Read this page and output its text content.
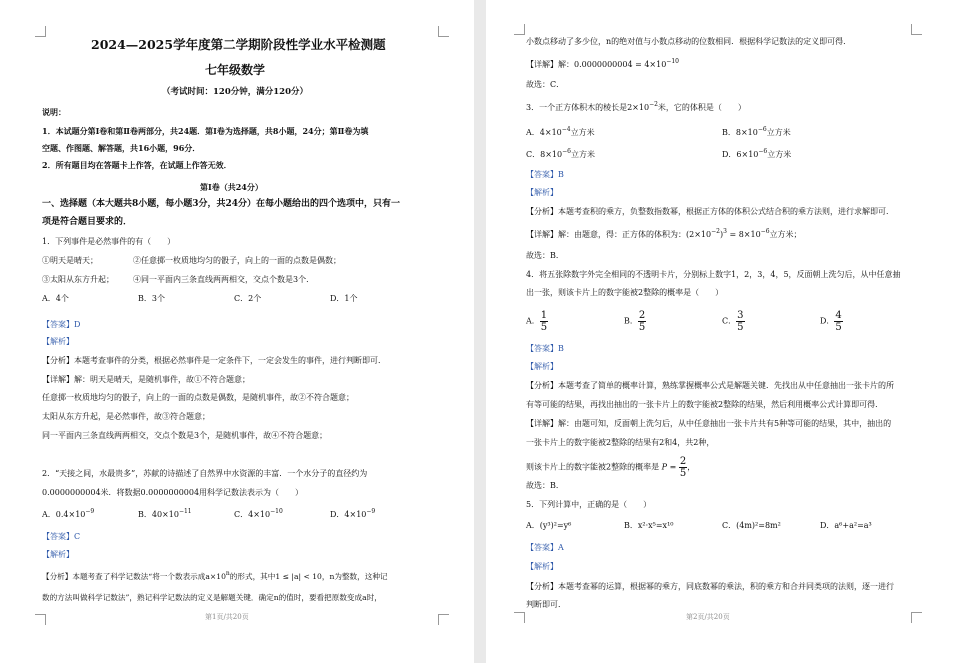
2024—2025学年度第二学期阶段性学业水平检测题
七年级数学
（考试时间：120分钟，满分120分）
说明：
1．本试题分第Ⅰ卷和第Ⅱ卷两部分，共24题．第Ⅰ卷为选择题，共8小题，24分；第Ⅱ卷为填
空题、作图题、解答题，共16小题，96分．
2．所有题目均在答题卡上作答，在试题上作答无效．
第Ⅰ卷（共24分）
一、选择题（本大题共8小题，每小题3分，共24分）在每小题给出的四个选项中，只有一
项是符合题目要求的．
1．下列事件是必然事件的有（　　）
①明天是晴天；	②任意掷一枚质地均匀的骰子，向上的一面的点数是偶数；
③太阳从东方升起； ④同一平面内三条直线两两相交，交点个数是3个．
A．4个	B．3个	C．2个	D．1个
【答案】D
【解析】
【分析】本题考查事件的分类，根据必然事件是一定条件下，一定会发生的事件，进行判断即可．
【详解】解：明天是晴天，是随机事件，故①不符合题意；
任意掷一枚质地均匀的骰子，向上的一面的点数是偶数，是随机事件，故②不符合题意；
太阳从东方升起，是必然事件，故③符合题意；
同一平面内三条直线两两相交，交点个数是3个，是随机事件，故④不符合题意；
2．“天接之间，水最贵多”，苏献的诗描述了自然界中水资源的丰富．一个水分子的直径约为
0.0000000004米．将数据0.0000000004用科学记数法表示为（　　）
A．$0.4\times 10^{-9}$	B．$40\times 10^{-11}$	C．$4\times 10^{-10}$	D．$4\times 10^{-9}$
【答案】C
【解析】
【分析】本题考查了科学记数法“将一个数表示成$a\times 10^n$的形式，其中1 ≤ |a| < 10，n为整数，这种记
数的方法叫做科学记数法”，熟记科学记数法的定义是解题关键．确定n的值时，要看把原数变成a时，
第1页/共20页
小数点移动了多少位，n的绝对值与小数点移动的位数相同．根据科学记数法的定义即可得．
【详解】解：$0.0000000004 = 4\times 10^{-10}$
故选：C．
3．一个正方体积木的棱长是$2\times 10^{-2}$米，它的体积是（　　）
A．$4\times 10^{-4}$立方米	B．$8\times 10^{-6}$立方米
C．$8\times 10^{-6}$立方米	D．$6\times 10^{-6}$立方米
【答案】B
【解析】
【分析】本题考查积的乘方，负整数指数幂，根据正方体的体积公式结合积的乘方法则，进行求解即可．
【详解】解：由题意，得：正方体的体积为：$(2\times 10^{-2})^3 = 8\times 10^{-6}$立方米；
故选：B．
4．将五张除数字外完全相同的不透明卡片，分别标上数字1，2，3，4，5，反面朝上洗匀后，从中任意抽
出一张，则该卡片上的数字能被2整除的概率是（　　）
A． $\frac{1}{5}$	B． $\frac{2}{5}$	C． $\frac{3}{5}$	D． $\frac{4}{5}$
【答案】B
【解析】
【分析】本题考查了简单的概率计算，熟练掌握概率公式是解题关键．先找出从中任意抽出一张卡片的所
有等可能的结果，再找出抽出的一张卡片上的数字能被2整除的结果，然后利用概率公式计算即可得．
【详解】解：由题可知，反面朝上洗匀后，从中任意抽出一张卡片共有5种等可能的结果，其中，抽出的
一张卡片上的数字能被2整除的结果有2和4，共2种，
则该卡片上的数字能被2整除的概率是 $P = \frac{2}{5}$ ，
故选：B．
5．下列计算中，正确的是（　　）
A．(y³)²=y⁶	B．x²·x⁵=x¹⁰	C．(4m)²=8m²	D．a⁶+a²=a³
【答案】A
【解析】
【分析】本题考查幂的运算，根据幂的乘方，同底数幂的乘法，积的乘方和合并同类项的法则，逐一进行
判断即可．
第2页/共20页
